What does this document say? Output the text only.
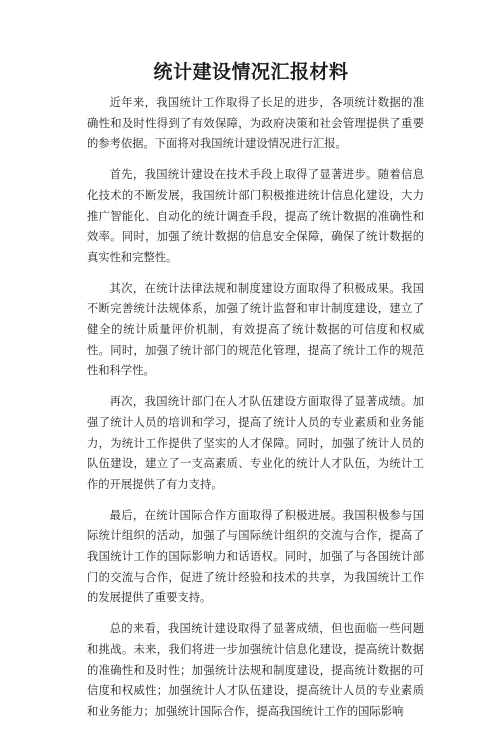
统计建设情况汇报材料

近年来，我国统计工作取得了长足的进步，各项统计数据的准确性和及时性得到了有效保障，为政府决策和社会管理提供了重要的参考依据。下面将对我国统计建设情况进行汇报。

首先，我国统计建设在技术手段上取得了显著进步。随着信息化技术的不断发展，我国统计部门积极推进统计信息化建设，大力推广智能化、自动化的统计调查手段，提高了统计数据的准确性和效率。同时，加强了统计数据的信息安全保障，确保了统计数据的真实性和完整性。

其次，在统计法律法规和制度建设方面取得了积极成果。我国不断完善统计法规体系，加强了统计监督和审计制度建设，建立了健全的统计质量评价机制，有效提高了统计数据的可信度和权威性。同时，加强了统计部门的规范化管理，提高了统计工作的规范性和科学性。

再次，我国统计部门在人才队伍建设方面取得了显著成绩。加强了统计人员的培训和学习，提高了统计人员的专业素质和业务能力，为统计工作提供了坚实的人才保障。同时，加强了统计人员的队伍建设，建立了一支高素质、专业化的统计人才队伍，为统计工作的开展提供了有力支持。

最后，在统计国际合作方面取得了积极进展。我国积极参与国际统计组织的活动，加强了与国际统计组织的交流与合作，提高了我国统计工作的国际影响力和话语权。同时，加强了与各国统计部门的交流与合作，促进了统计经验和技术的共享，为我国统计工作的发展提供了重要支持。

总的来看，我国统计建设取得了显著成绩，但也面临一些问题和挑战。未来，我们将进一步加强统计信息化建设，提高统计数据的准确性和及时性；加强统计法规和制度建设，提高统计数据的可信度和权威性；加强统计人才队伍建设，提高统计人员的专业素质和业务能力；加强统计国际合作，提高我国统计工作的国际影响
